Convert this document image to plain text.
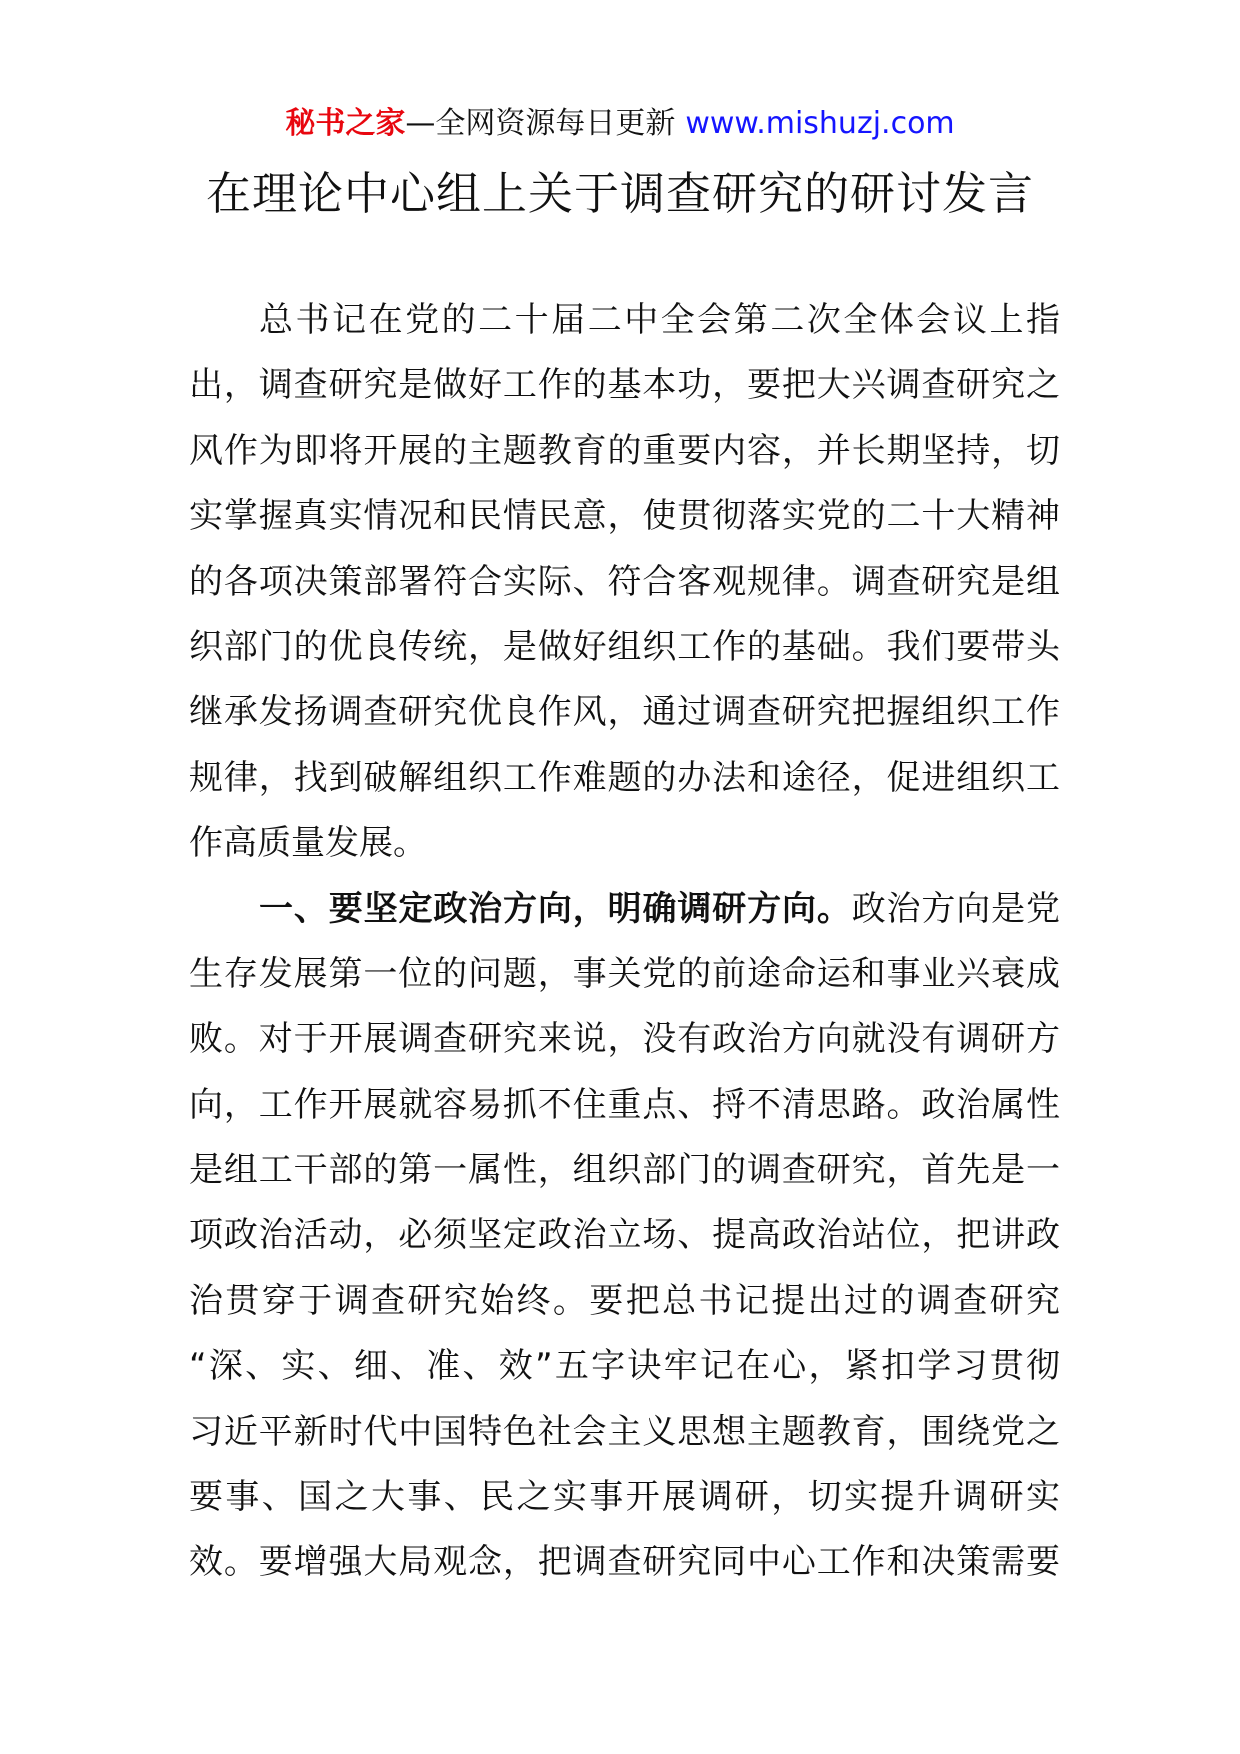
秘书之家—全网资源每日更新 www.mishuzj.com
在理论中心组上关于调查研究的研讨发言
总书记在党的二十届二中全会第二次全体会议上指
出，调查研究是做好工作的基本功，要把大兴调查研究之
风作为即将开展的主题教育的重要内容，并长期坚持，切
实掌握真实情况和民情民意，使贯彻落实党的二十大精神
的各项决策部署符合实际、符合客观规律。调查研究是组
织部门的优良传统，是做好组织工作的基础。我们要带头
继承发扬调查研究优良作风，通过调查研究把握组织工作
规律，找到破解组织工作难题的办法和途径，促进组织工
作高质量发展。
一、要坚定政治方向，明确调研方向。政治方向是党
生存发展第一位的问题，事关党的前途命运和事业兴衰成
败。对于开展调查研究来说，没有政治方向就没有调研方
向，工作开展就容易抓不住重点、捋不清思路。政治属性
是组工干部的第一属性，组织部门的调查研究，首先是一
项政治活动，必须坚定政治立场、提高政治站位，把讲政
治贯穿于调查研究始终。要把总书记提出过的调查研究
“深、实、细、准、效”五字诀牢记在心，紧扣学习贯彻
习近平新时代中国特色社会主义思想主题教育，围绕党之
要事、国之大事、民之实事开展调研，切实提升调研实
效。要增强大局观念，把调查研究同中心工作和决策需要
